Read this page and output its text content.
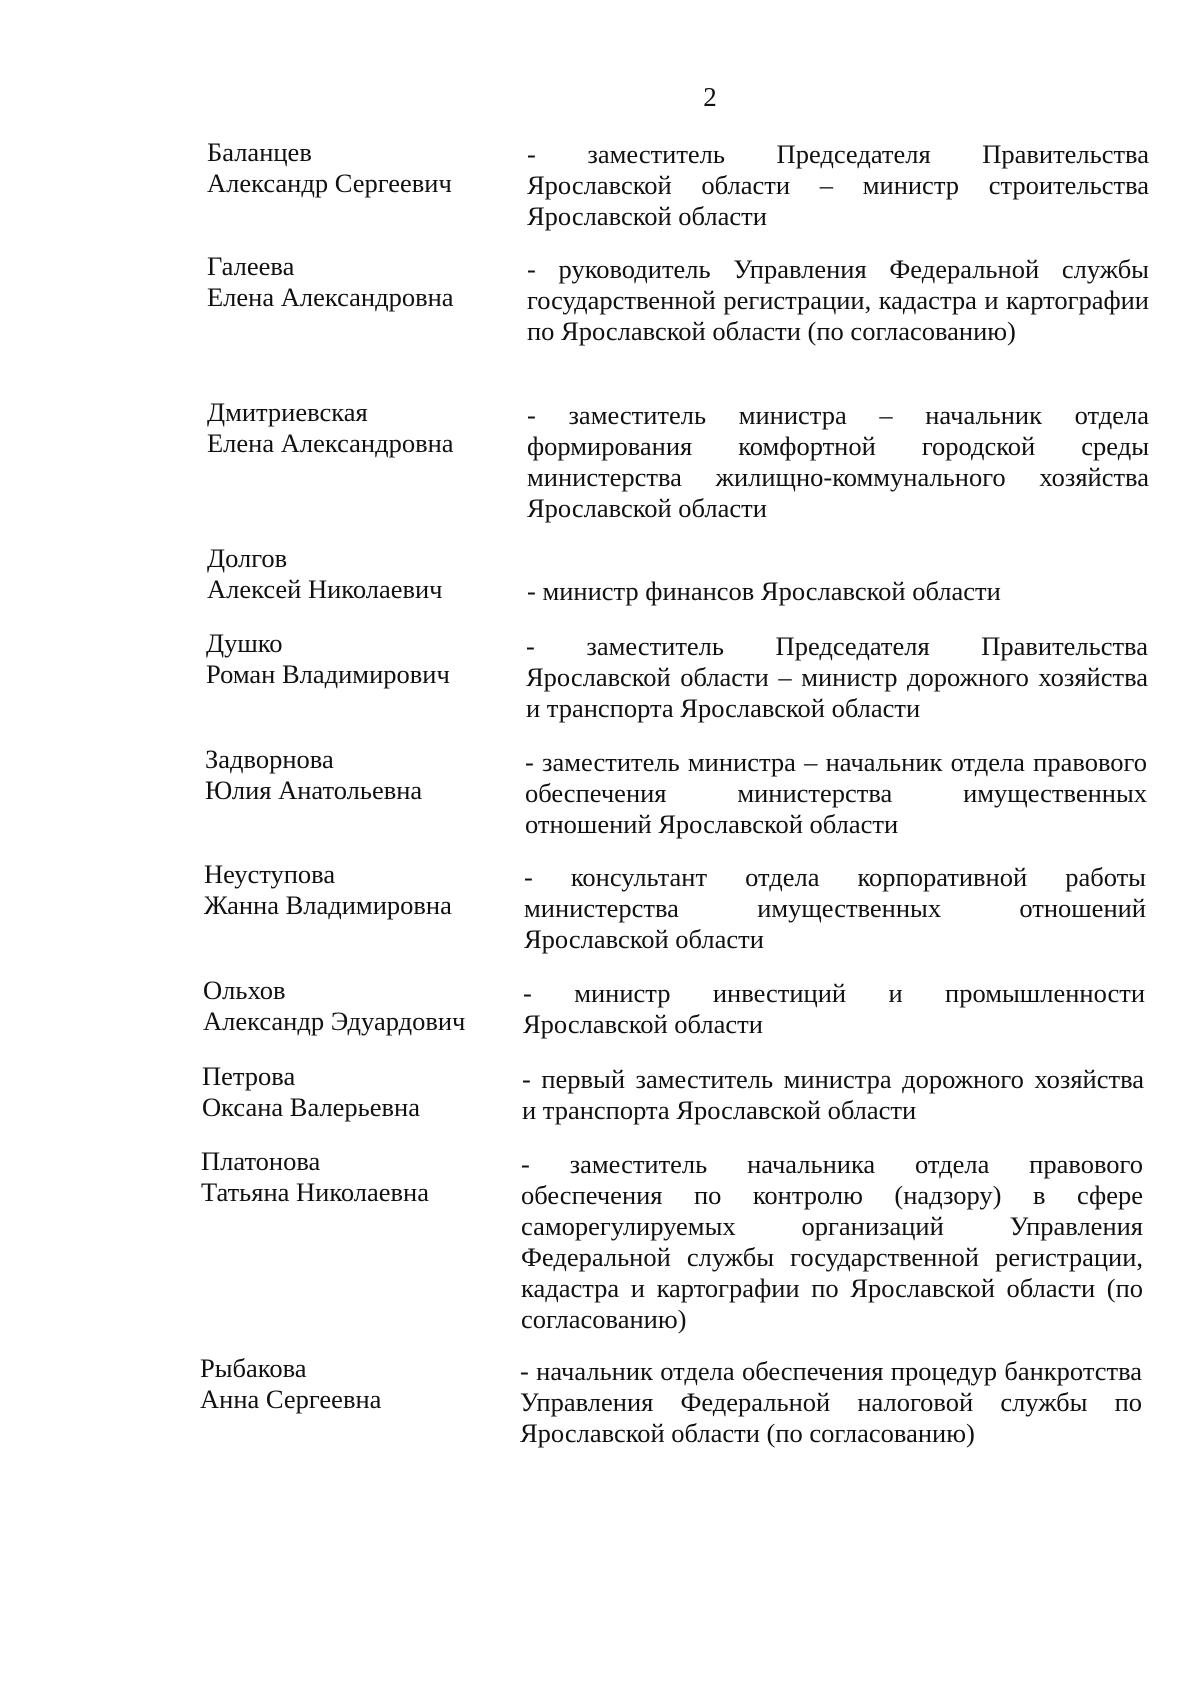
2
Баланцев
Александр Сергеевич
- заместитель Председателя Правительства Ярославской области – министр строительства Ярославской области
Галеева
Елена Александровна
- руководитель Управления Федеральной службы государственной регистрации, кадастра и картографии по Ярославской области (по согласованию)
Дмитриевская
Елена Александровна
- заместитель министра – начальник отдела формирования комфортной городской среды министерства жилищно-коммунального хозяйства Ярославской области
Долгов
Алексей Николаевич	- министр финансов Ярославской области
Душко
Роман Владимирович
- заместитель Председателя Правительства Ярославской области – министр дорожного хозяйства и транспорта Ярославской области
Задворнова
Юлия Анатольевна
- заместитель министра – начальник отдела правового обеспечения министерства имущественных отношений Ярославской области
Неуступова
Жанна Владимировна
- консультант отдела корпоративной работы министерства имущественных отношений Ярославской области
Ольхов
Александр Эдуардович
- министр инвестиций и промышленности Ярославской области
Петрова
Оксана Валерьевна
- первый заместитель министра дорожного хозяйства и транспорта Ярославской области
Платонова
Татьяна Николаевна
- заместитель начальника отдела правового обеспечения по контролю (надзору) в сфере саморегулируемых организаций Управления Федеральной службы государственной регистрации, кадастра и картографии по Ярославской области (по согласованию)
Рыбакова
Анна Сергеевна
- начальник отдела обеспечения процедур банкротства Управления Федеральной налоговой службы по Ярославской области (по согласованию)
